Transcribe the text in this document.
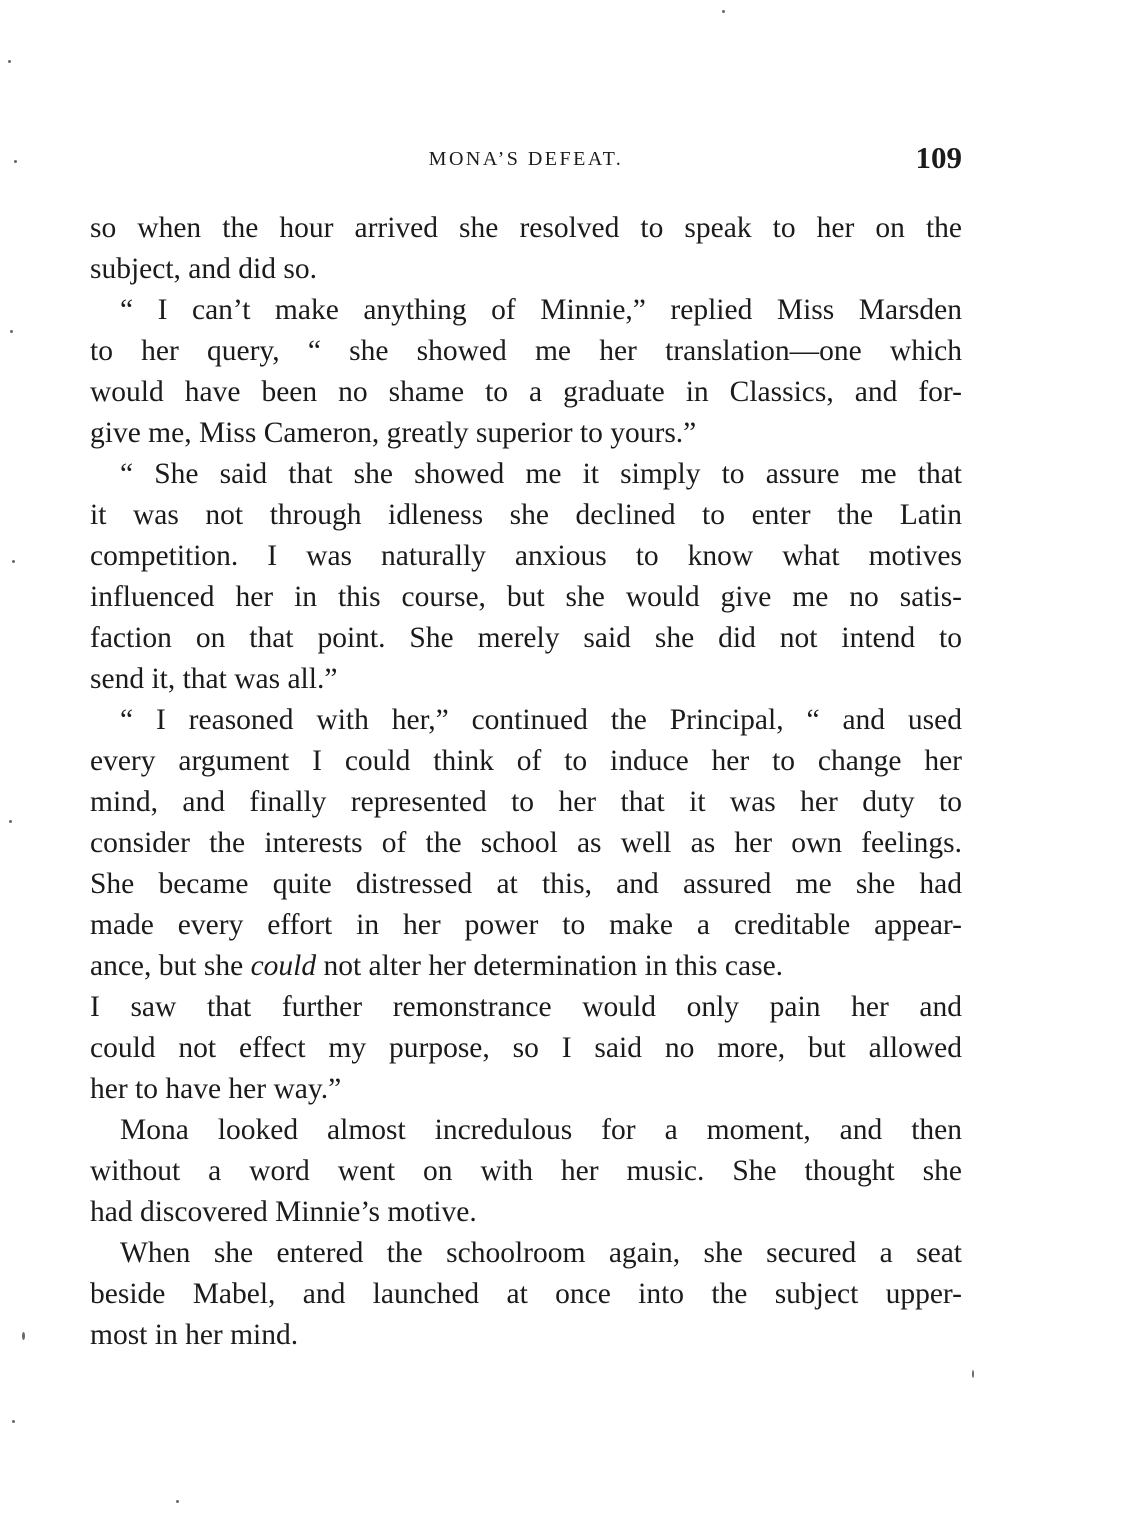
MONA’S DEFEAT.	109
so when the hour arrived she resolved to speak to her on the
subject, and did so.
“ I can’t make anything of Minnie,” replied Miss Marsden
to her query, “ she showed me her translation—one which
would have been no shame to a graduate in Classics, and for-
give me, Miss Cameron, greatly superior to yours.”
“ She said that she showed me it simply to assure me that
it was not through idleness she declined to enter the Latin
competition. I was naturally anxious to know what motives
influenced her in this course, but she would give me no satis-
faction on that point. She merely said she did not intend to
send it, that was all.”
“ I reasoned with her,” continued the Principal, “ and used
every argument I could think of to induce her to change her
mind, and finally represented to her that it was her duty to
consider the interests of the school as well as her own feelings.
She became quite distressed at this, and assured me she had
made every effort in her power to make a creditable appear-
ance, but she could not alter her determination in this case.
I saw that further remonstrance would only pain her and
could not effect my purpose, so I said no more, but allowed
her to have her way.”
Mona looked almost incredulous for a moment, and then
without a word went on with her music. She thought she
had discovered Minnie’s motive.
When she entered the schoolroom again, she secured a seat
beside Mabel, and launched at once into the subject upper-
most in her mind.
